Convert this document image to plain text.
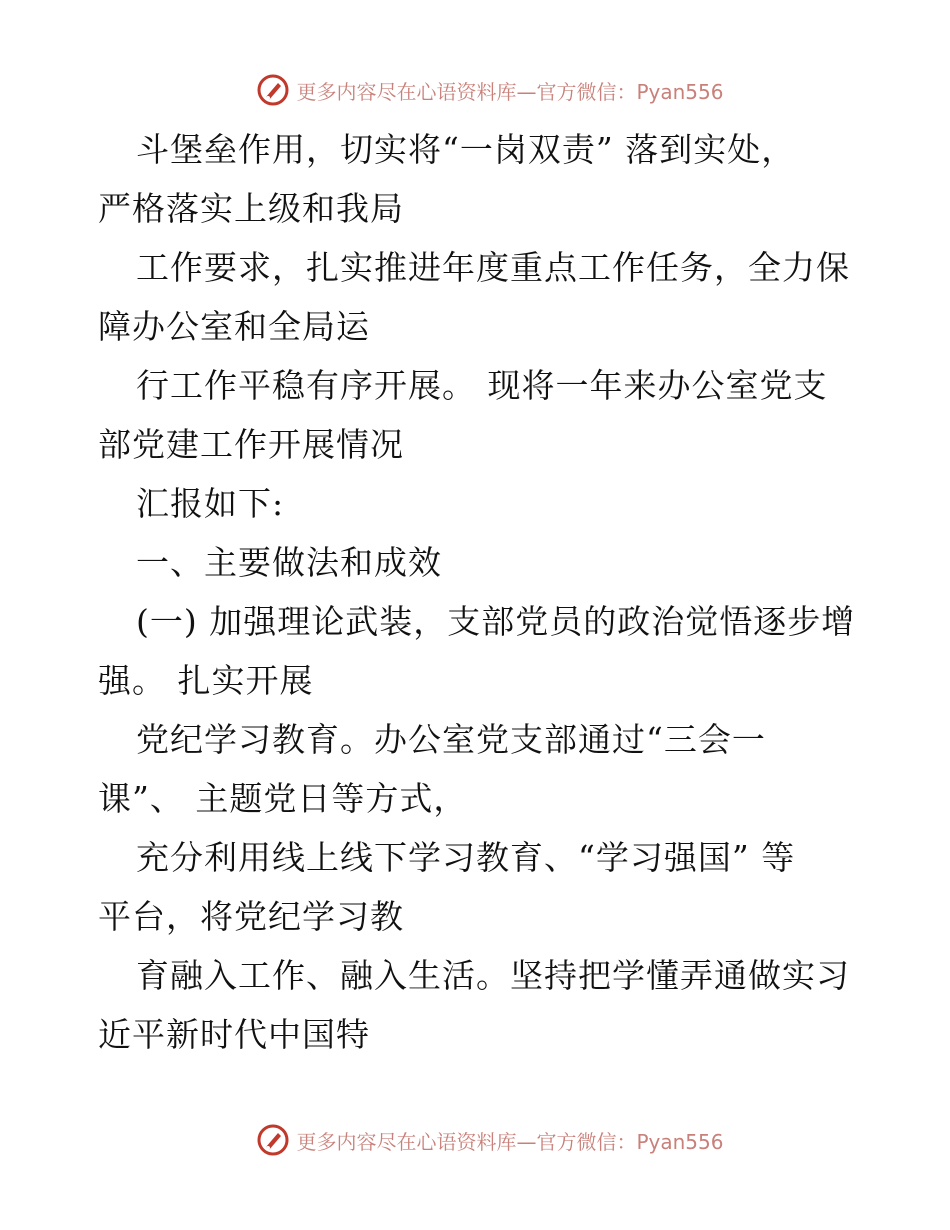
更多内容尽在心语资料库—官方微信：Pyan556
斗堡垒作用，切实将“一岗双责” 落到实处，
严格落实上级和我局
工作要求，扎实推进年度重点工作任务，全力保
障办公室和全局运
行工作平稳有序开展。 现将一年来办公室党支
部党建工作开展情况
汇报如下:
一、主要做法和成效
(一) 加强理论武装，支部党员的政治觉悟逐步增
强。 扎实开展
党纪学习教育。办公室党支部通过“三会一
课”、 主题党日等方式，
充分利用线上线下学习教育、“学习强国” 等
平台，将党纪学习教
育融入工作、融入生活。坚持把学懂弄通做实习
近平新时代中国特
更多内容尽在心语资料库—官方微信：Pyan556
